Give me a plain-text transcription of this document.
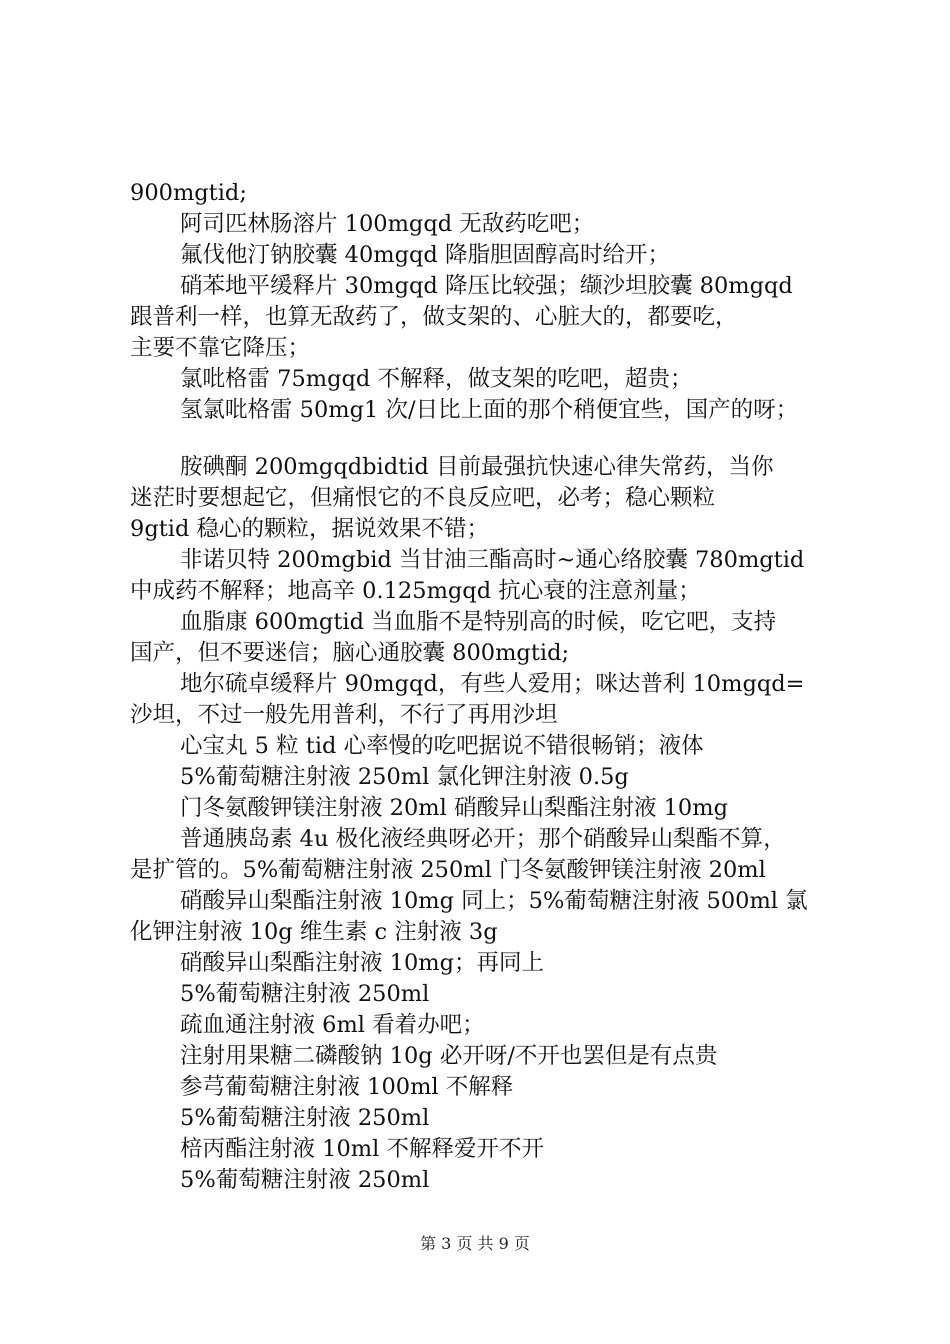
900mgtid;
阿司匹林肠溶片 100mgqd 无敌药吃吧；
氟伐他汀钠胶囊 40mgqd 降脂胆固醇高时给开；
硝苯地平缓释片 30mgqd 降压比较强；缬沙坦胶囊 80mgqd
跟普利一样，也算无敌药了，做支架的、心脏大的，都要吃，
主要不靠它降压；
氯吡格雷 75mgqd 不解释，做支架的吃吧，超贵；
氢氯吡格雷 50mg1 次/日比上面的那个稍便宜些，国产的呀；
胺碘酮 200mgqdbidtid 目前最强抗快速心律失常药，当你
迷茫时要想起它，但痛恨它的不良反应吧，必考；稳心颗粒
9gtid 稳心的颗粒，据说效果不错；
非诺贝特 200mgbid 当甘油三酯高时~通心络胶囊 780mgtid
中成药不解释；地高辛 0.125mgqd 抗心衰的注意剂量；
血脂康 600mgtid 当血脂不是特别高的时候，吃它吧，支持
国产，但不要迷信；脑心通胶囊 800mgtid;
地尔硫卓缓释片 90mgqd，有些人爱用；咪达普利 10mgqd=
沙坦，不过一般先用普利，不行了再用沙坦
心宝丸 5 粒 tid 心率慢的吃吧据说不错很畅销；液体
5%葡萄糖注射液 250ml 氯化钾注射液 0.5g
门冬氨酸钾镁注射液 20ml 硝酸异山梨酯注射液 10mg
普通胰岛素 4u 极化液经典呀必开；那个硝酸异山梨酯不算，
是扩管的。5%葡萄糖注射液 250ml 门冬氨酸钾镁注射液 20ml
硝酸异山梨酯注射液 10mg 同上；5%葡萄糖注射液 500ml 氯
化钾注射液 10g 维生素 c 注射液 3g
硝酸异山梨酯注射液 10mg；再同上
5%葡萄糖注射液 250ml
疏血通注射液 6ml 看着办吧；
注射用果糖二磷酸钠 10g 必开呀/不开也罢但是有点贵
参芎葡萄糖注射液 100ml 不解释
5%葡萄糖注射液 250ml
棓丙酯注射液 10ml 不解释爱开不开
5%葡萄糖注射液 250ml
第 3 页 共 9 页
